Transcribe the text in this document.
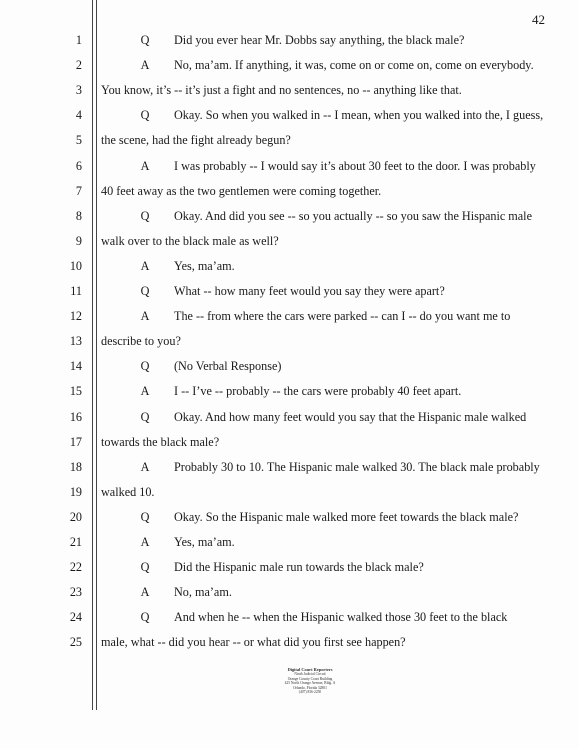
42
1	Q	Did you ever hear Mr. Dobbs say anything, the black male?
2	A	No, ma’am. If anything, it was, come on or come on, come on everybody.
3 You know, it’s -- it’s just a fight and no sentences, no -- anything like that.
4	Q	Okay. So when you walked in -- I mean, when you walked into the, I guess,
5 the scene, had the fight already begun?
6	A	I was probably -- I would say it’s about 30 feet to the door. I was probably
7 40 feet away as the two gentlemen were coming together.
8	Q	Okay. And did you see -- so you actually -- so you saw the Hispanic male
9 walk over to the black male as well?
10	A	Yes, ma’am.
11	Q	What -- how many feet would you say they were apart?
12	A	The -- from where the cars were parked -- can I -- do you want me to
13 describe to you?
14	Q	(No Verbal Response)
15	A	I -- I’ve -- probably -- the cars were probably 40 feet apart.
16	Q	Okay. And how many feet would you say that the Hispanic male walked
17 towards the black male?
18	A	Probably 30 to 10. The Hispanic male walked 30. The black male probably
19 walked 10.
20	Q	Okay. So the Hispanic male walked more feet towards the black male?
21	A	Yes, ma’am.
22	Q	Did the Hispanic male run towards the black male?
23	A	No, ma’am.
24	Q	And when he -- when the Hispanic walked those 30 feet to the black
25 male, what -- did you hear -- or what did you first see happen?
Digital Court Reporters
Ninth Judicial Circuit
Orange County Court Building
425 North Orange Avenue, Bldg. A
Orlando, Florida 32801
(407) 836-2250
